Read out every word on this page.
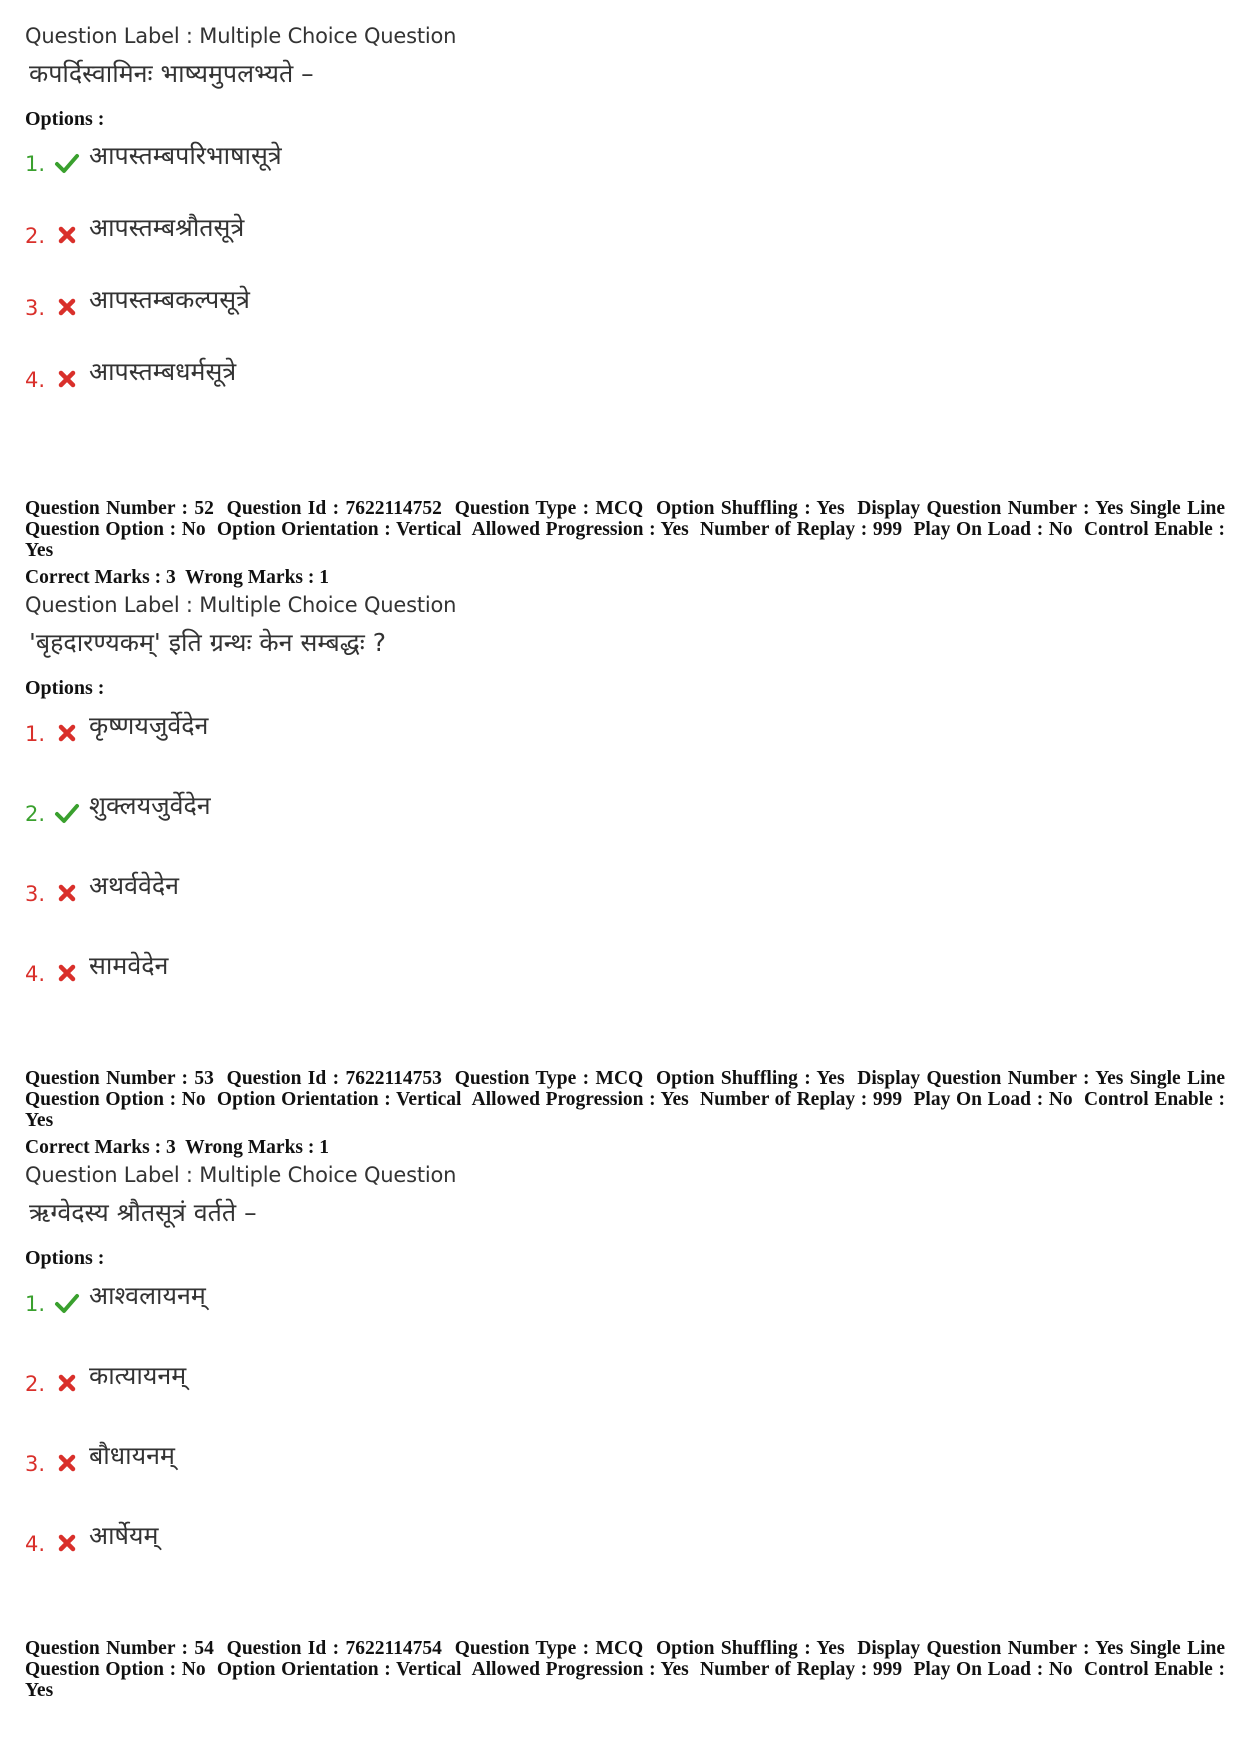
Question Label : Multiple Choice Question

कपर्दिस्वामिनः भाष्यमुपलभ्यते –

Options :

1. आपस्तम्बपरिभाषासूत्रे
2. आपस्तम्बश्रौतसूत्रे
3. आपस्तम्बकल्पसूत्रे
4. आपस्तम्बधर्मसूत्रे

Question Number : 52  Question Id : 7622114752  Question Type : MCQ  Option Shuffling : Yes  Display Question Number : Yes Single Line Question Option : No  Option Orientation : Vertical  Allowed Progression : Yes  Number of Replay : 999  Play On Load : No  Control Enable : Yes

Correct Marks : 3  Wrong Marks : 1

Question Label : Multiple Choice Question

'बृहदारण्यकम्' इति ग्रन्थः केन सम्बद्धः ?

Options :

1. कृष्णयजुर्वेदेन
2. शुक्लयजुर्वेदेन
3. अथर्ववेदेन
4. सामवेदेन

Question Number : 53  Question Id : 7622114753  Question Type : MCQ  Option Shuffling : Yes  Display Question Number : Yes Single Line Question Option : No  Option Orientation : Vertical  Allowed Progression : Yes  Number of Replay : 999  Play On Load : No  Control Enable : Yes

Correct Marks : 3  Wrong Marks : 1

Question Label : Multiple Choice Question

ऋग्वेदस्य श्रौतसूत्रं वर्तते –

Options :

1. आश्वलायनम्
2. कात्यायनम्
3. बौधायनम्
4. आर्षेयम्

Question Number : 54  Question Id : 7622114754  Question Type : MCQ  Option Shuffling : Yes  Display Question Number : Yes Single Line Question Option : No  Option Orientation : Vertical  Allowed Progression : Yes  Number of Replay : 999  Play On Load : No  Control Enable : Yes
